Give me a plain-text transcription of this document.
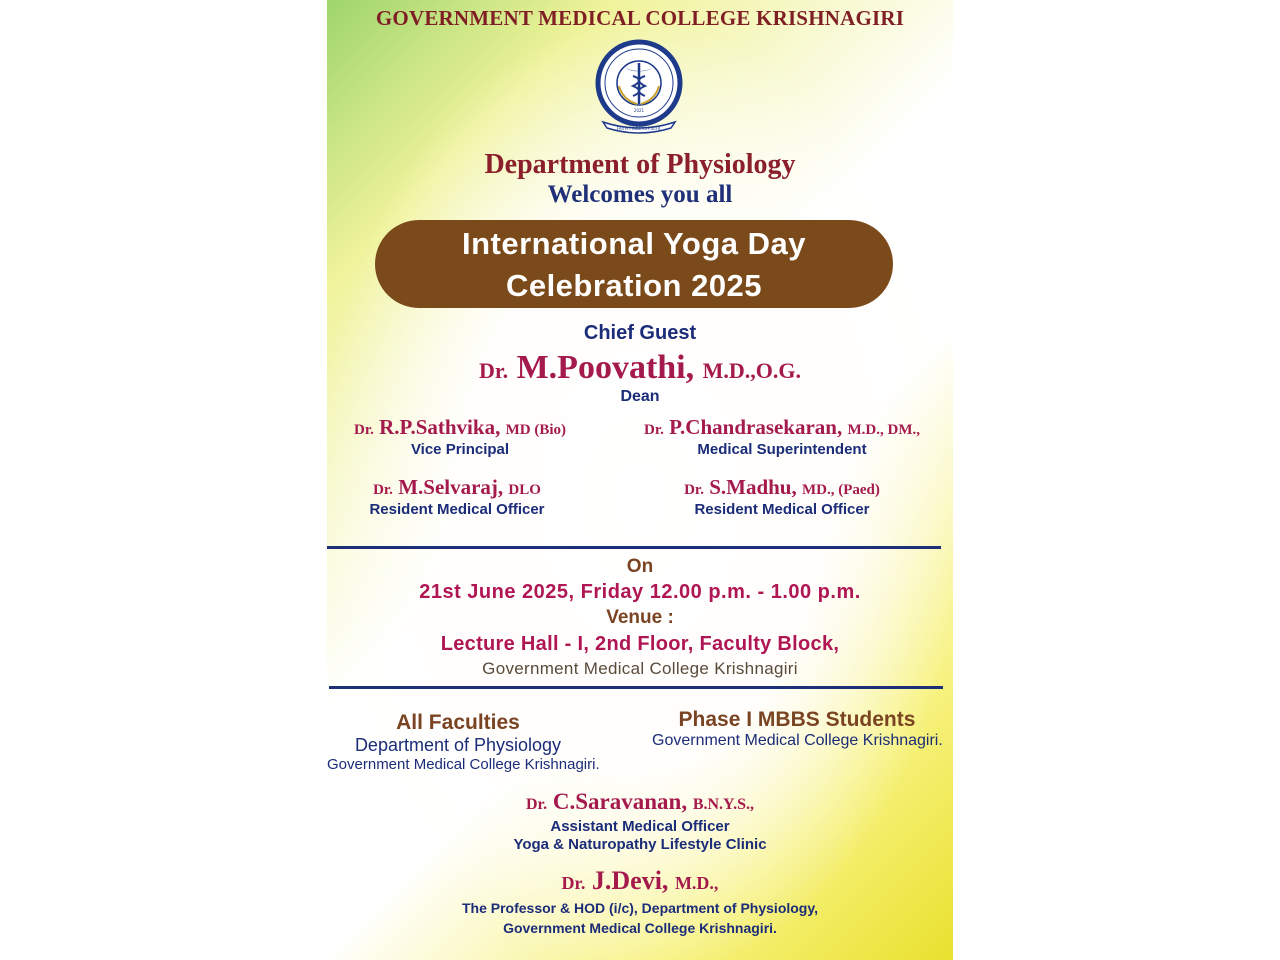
GOVERNMENT MEDICAL COLLEGE KRISHNAGIRI
FAITH FINDERS FULFIL
2021
Department of Physiology
Welcomes you all
International Yoga Day
Celebration 2025
Chief Guest
Dr. M.Poovathi, M.D.,O.G.
Dean
Dr. R.P.Sathvika, MD (Bio)
Vice Principal
Dr. P.Chandrasekaran, M.D., DM.,
Medical Superintendent
Dr. M.Selvaraj, DLO
Resident Medical Officer
Dr. S.Madhu, MD., (Paed)
Resident Medical Officer
On
21st June 2025, Friday 12.00 p.m. - 1.00 p.m.
Venue :
Lecture Hall - I, 2nd Floor, Faculty Block,
Government Medical College Krishnagiri
All Faculties
Department of Physiology
Government Medical College Krishnagiri.
Phase I MBBS Students
Government Medical College Krishnagiri.
Dr. C.Saravanan, B.N.Y.S.,
Assistant Medical Officer
Yoga & Naturopathy Lifestyle Clinic
Dr. J.Devi, M.D.,
The Professor & HOD (i/c), Department of Physiology,
Government Medical College Krishnagiri.
